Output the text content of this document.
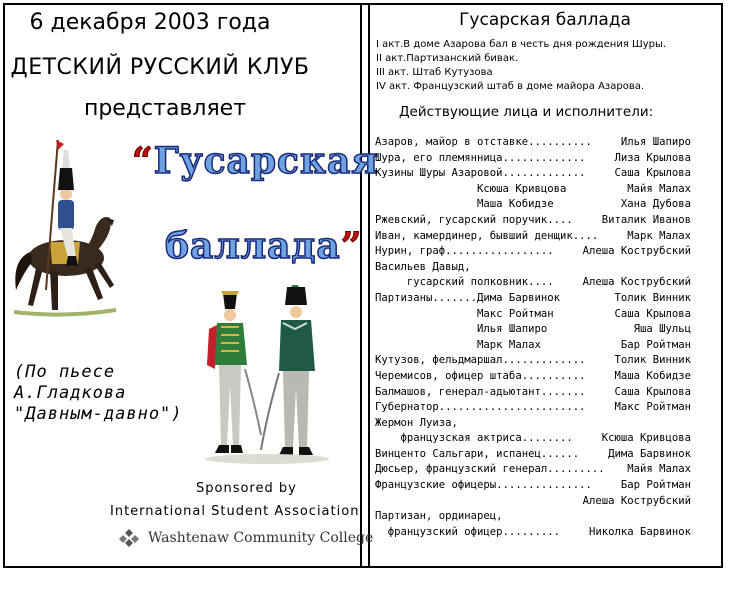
6 декабря 2003 года
ДЕТСКИЙ РУССКИЙ КЛУБ
представляет
“Гусарская
баллада”
(По пьесе
А.Гладкова
"Давным-давно")
Sponsored by
International Student Association
Washtenaw Community College
Гусарская баллада
I акт.В доме Азарова бал в честь дня рождения Шуры.
II акт.Партизанский бивак.
III акт. Штаб Кутузова
IV акт. Французский штаб в доме майора Азарова.
Действующие лица и исполнители:
Азаров, майор в отставке..........	Илья Шапиро
Шура, его племянница.............	Лиза Крылова
Кузины Шуры Азаровой.............	Саша Крылова
Ксюша Кривцова	Майя Малах
Маша Кобидзе	Хана Дубова
Ржевский, гусарский поручик....	Виталик Иванов
Иван, камердинер, бывший денщик....	Марк Малах
Нурин, граф.................	Алеша Кострубский
Васильев Давыд,
гусарский полковник....	Алеша Кострубский
Партизаны.......Дима Барвинок	Толик Винник
Макс Ройтман	Саша Крылова
Илья Шапиро	Яша Шульц
Марк Малах	Бар Ройтман
Кутузов, фельдмаршал.............	Толик Винник
Черемисов, офицер штаба..........	Маша Кобидзе
Балмашов, генерал-адьютант.......	Саша Крылова
Губернатор.......................	Макс Ройтман
Жермон Луиза,
французская актриса........	Ксюша Кривцова
Винценто Сальгари, испанец......	Дима Барвинок
Дюсьер, французский генерал......... Майя Малах
Французские офицеры...............	Бар Ройтман
Алеша Кострубский
Партизан, ординарец,
французский офицер.........	Николка Барвинок
